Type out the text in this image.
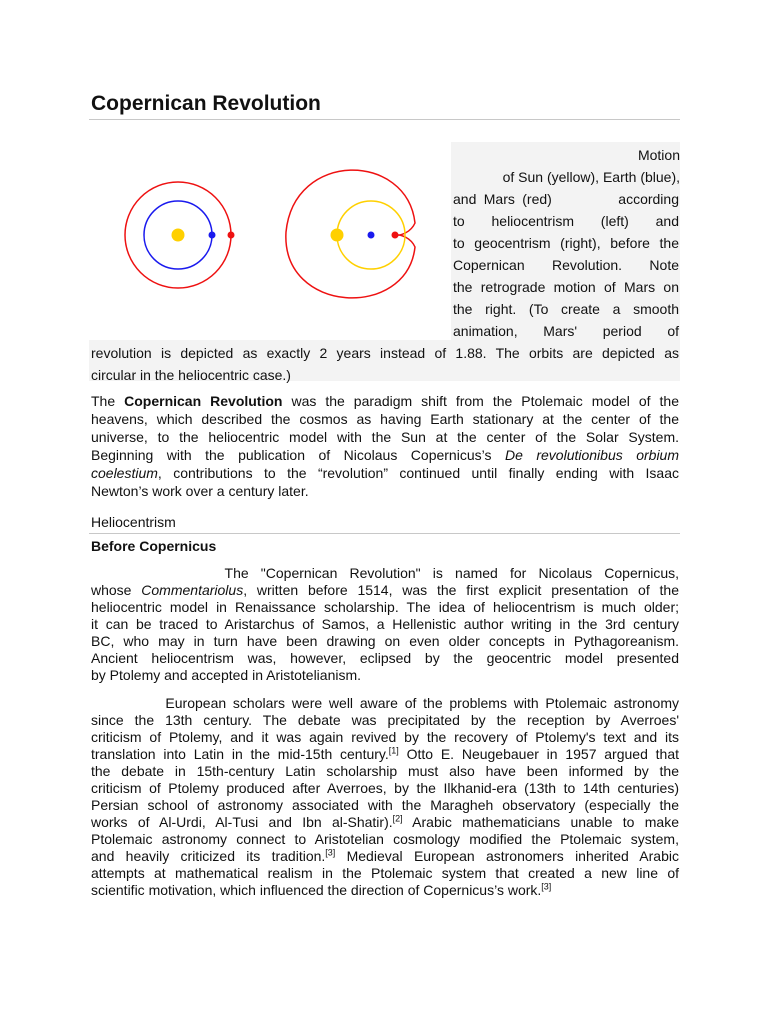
Copernican Revolution
Motion
of Sun (yellow), Earth (blue),
and Mars (red)         according
to heliocentrism (left) and
to geocentrism (right), before the
Copernican Revolution. Note
the retrograde motion of Mars on
the right. (To create a smooth
animation, Mars' period of
revolution is depicted as exactly 2 years instead of 1.88. The orbits are depicted as
circular in the heliocentric case.)
The Copernican Revolution was the paradigm shift from the Ptolemaic model of the
heavens, which described the cosmos as having Earth stationary at the center of the
universe, to the heliocentric model with the Sun at the center of the Solar System.
Beginning with the publication of Nicolaus Copernicus’s De revolutionibus orbium
coelestium, contributions to the “revolution” continued until finally ending with Isaac
Newton’s work over a century later.
Heliocentrism
Before Copernicus
The "Copernican Revolution" is named for Nicolaus Copernicus,
whose Commentariolus, written before 1514, was the first explicit presentation of the
heliocentric model in Renaissance scholarship. The idea of heliocentrism is much older;
it can be traced to Aristarchus of Samos, a Hellenistic author writing in the 3rd century
BC, who may in turn have been drawing on even older concepts in Pythagoreanism.
Ancient heliocentrism was, however, eclipsed by the geocentric model presented
by Ptolemy and accepted in Aristotelianism.
European scholars were well aware of the problems with Ptolemaic astronomy
since the 13th century. The debate was precipitated by the reception by Averroes'
criticism of Ptolemy, and it was again revived by the recovery of Ptolemy's text and its
translation into Latin in the mid-15th century.[1] Otto E. Neugebauer in 1957 argued that
the debate in 15th-century Latin scholarship must also have been informed by the
criticism of Ptolemy produced after Averroes, by the Ilkhanid-era (13th to 14th centuries)
Persian school of astronomy associated with the Maragheh observatory (especially the
works of Al-Urdi, Al-Tusi and Ibn al-Shatir).[2] Arabic mathematicians unable to make
Ptolemaic astronomy connect to Aristotelian cosmology modified the Ptolemaic system,
and heavily criticized its tradition.[3] Medieval European astronomers inherited Arabic
attempts at mathematical realism in the Ptolemaic system that created a new line of
scientific motivation, which influenced the direction of Copernicus’s work.[3]
